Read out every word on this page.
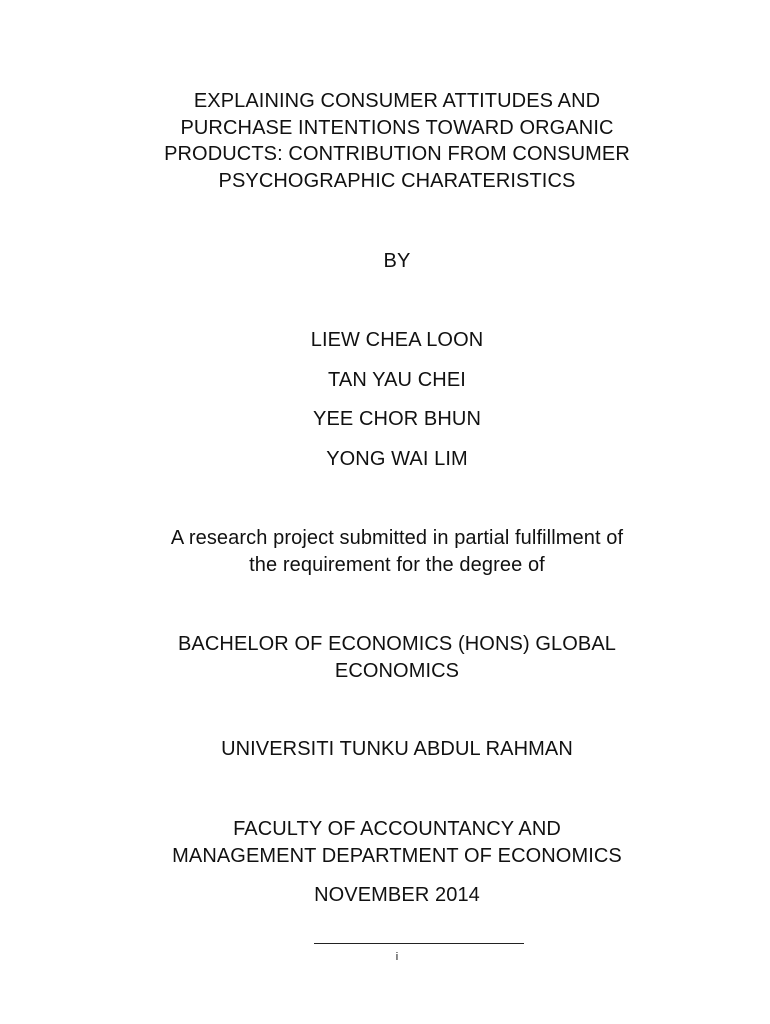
EXPLAINING CONSUMER ATTITUDES AND
PURCHASE INTENTIONS TOWARD ORGANIC
PRODUCTS: CONTRIBUTION FROM CONSUMER
PSYCHOGRAPHIC CHARATERISTICS
BY
LIEW CHEA LOON
TAN YAU CHEI
YEE CHOR BHUN
YONG WAI LIM
A research project submitted in partial fulfillment of
the requirement for the degree of
BACHELOR OF ECONOMICS (HONS) GLOBAL
ECONOMICS
UNIVERSITI TUNKU ABDUL RAHMAN
FACULTY OF ACCOUNTANCY AND
MANAGEMENT DEPARTMENT OF ECONOMICS
NOVEMBER 2014
i
